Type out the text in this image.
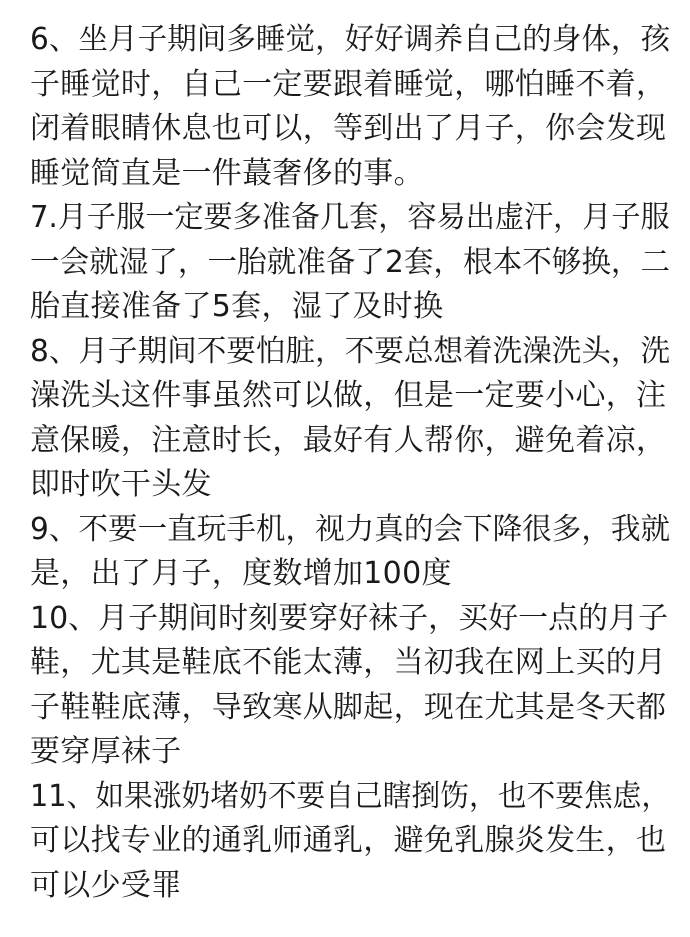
6、坐月子期间多睡觉，好好调养自己的身体，孩
子睡觉时，自己一定要跟着睡觉，哪怕睡不着，
闭着眼睛休息也可以，等到出了月子，你会发现
睡觉简直是一件蕞奢侈的事。
7.月子服一定要多准备几套，容易出虚汗，月子服
一会就湿了，一胎就准备了2套，根本不够换，二
胎直接准备了5套，湿了及时换
8、月子期间不要怕脏，不要总想着洗澡洗头，洗
澡洗头这件事虽然可以做，但是一定要小心，注
意保暖，注意时长，最好有人帮你，避免着凉，
即时吹干头发
9、不要一直玩手机，视力真的会下降很多，我就
是，出了月子，度数增加100度
10、月子期间时刻要穿好袜子，买好一点的月子
鞋，尤其是鞋底不能太薄，当初我在网上买的月
子鞋鞋底薄，导致寒从脚起，现在尤其是冬天都
要穿厚袜子
11、如果涨奶堵奶不要自己瞎捯饬，也不要焦虑，
可以找专业的通乳师通乳，避免乳腺炎发生，也
可以少受罪
